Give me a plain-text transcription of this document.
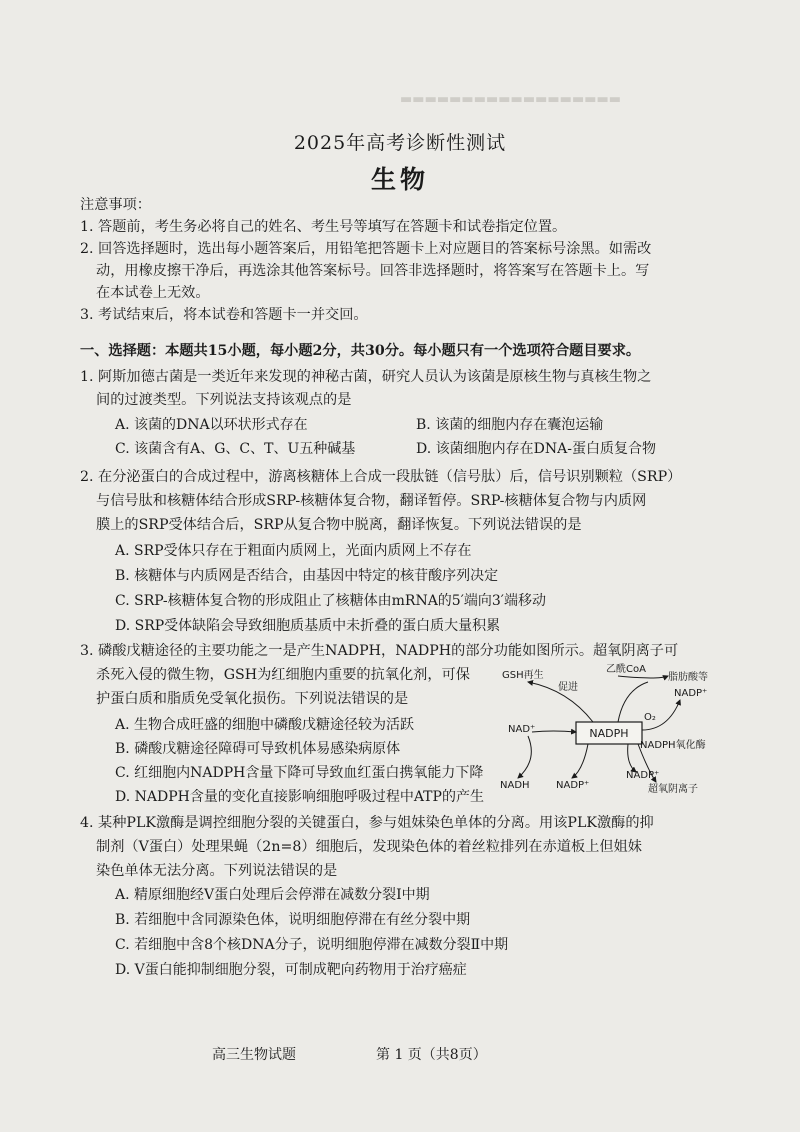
▬▬▬▬▬▬▬▬▬▬▬▬▬▬▬▬▬▬
2025年高考诊断性测试
生物
注意事项：
1. 答题前，考生务必将自己的姓名、考生号等填写在答题卡和试卷指定位置。
2. 回答选择题时，选出每小题答案后，用铅笔把答题卡上对应题目的答案标号涂黑。如需改
动，用橡皮擦干净后，再选涂其他答案标号。回答非选择题时，将答案写在答题卡上。写
在本试卷上无效。
3. 考试结束后，将本试卷和答题卡一并交回。
一、选择题：本题共15小题，每小题2分，共30分。每小题只有一个选项符合题目要求。
1. 阿斯加德古菌是一类近年来发现的神秘古菌，研究人员认为该菌是原核生物与真核生物之
间的过渡类型。下列说法支持该观点的是
A. 该菌的DNA以环状形式存在	B. 该菌的细胞内存在囊泡运输
C. 该菌含有A、G、C、T、U五种碱基	D. 该菌细胞内存在DNA-蛋白质复合物
2. 在分泌蛋白的合成过程中，游离核糖体上合成一段肽链（信号肽）后，信号识别颗粒（SRP）
与信号肽和核糖体结合形成SRP-核糖体复合物，翻译暂停。SRP-核糖体复合物与内质网
膜上的SRP受体结合后，SRP从复合物中脱离，翻译恢复。下列说法错误的是
A. SRP受体只存在于粗面内质网上，光面内质网上不存在
B. 核糖体与内质网是否结合，由基因中特定的核苷酸序列决定
C. SRP-核糖体复合物的形成阻止了核糖体由mRNA的5′端向3′端移动
D. SRP受体缺陷会导致细胞质基质中未折叠的蛋白质大量积累
3. 磷酸戊糖途径的主要功能之一是产生NADPH，NADPH的部分功能如图所示。超氧阴离子可
杀死入侵的微生物，GSH为红细胞内重要的抗氧化剂，可保
护蛋白质和脂质免受氧化损伤。下列说法错误的是
A. 生物合成旺盛的细胞中磷酸戊糖途径较为活跃
B. 磷酸戊糖途径障碍可导致机体易感染病原体
C. 红细胞内NADPH含量下降可导致血红蛋白携氧能力下降
D. NADPH含量的变化直接影响细胞呼吸过程中ATP的产生
NADPH
GSH再生
乙酰CoA
促进
脂肪酸等
NADP⁺
O₂
NADPH氧化酶
NAD⁺
NADH	NADP⁺
NADP⁺
超氧阴离子
4. 某种PLK激酶是调控细胞分裂的关键蛋白，参与姐妹染色单体的分离。用该PLK激酶的抑
制剂（V蛋白）处理果蝇（2n=8）细胞后，发现染色体的着丝粒排列在赤道板上但姐妹
染色单体无法分离。下列说法错误的是
A. 精原细胞经V蛋白处理后会停滞在减数分裂Ⅰ中期
B. 若细胞中含同源染色体，说明细胞停滞在有丝分裂中期
C. 若细胞中含8个核DNA分子，说明细胞停滞在减数分裂Ⅱ中期
D. V蛋白能抑制细胞分裂，可制成靶向药物用于治疗癌症
高三生物试题	第 1 页（共8页）
